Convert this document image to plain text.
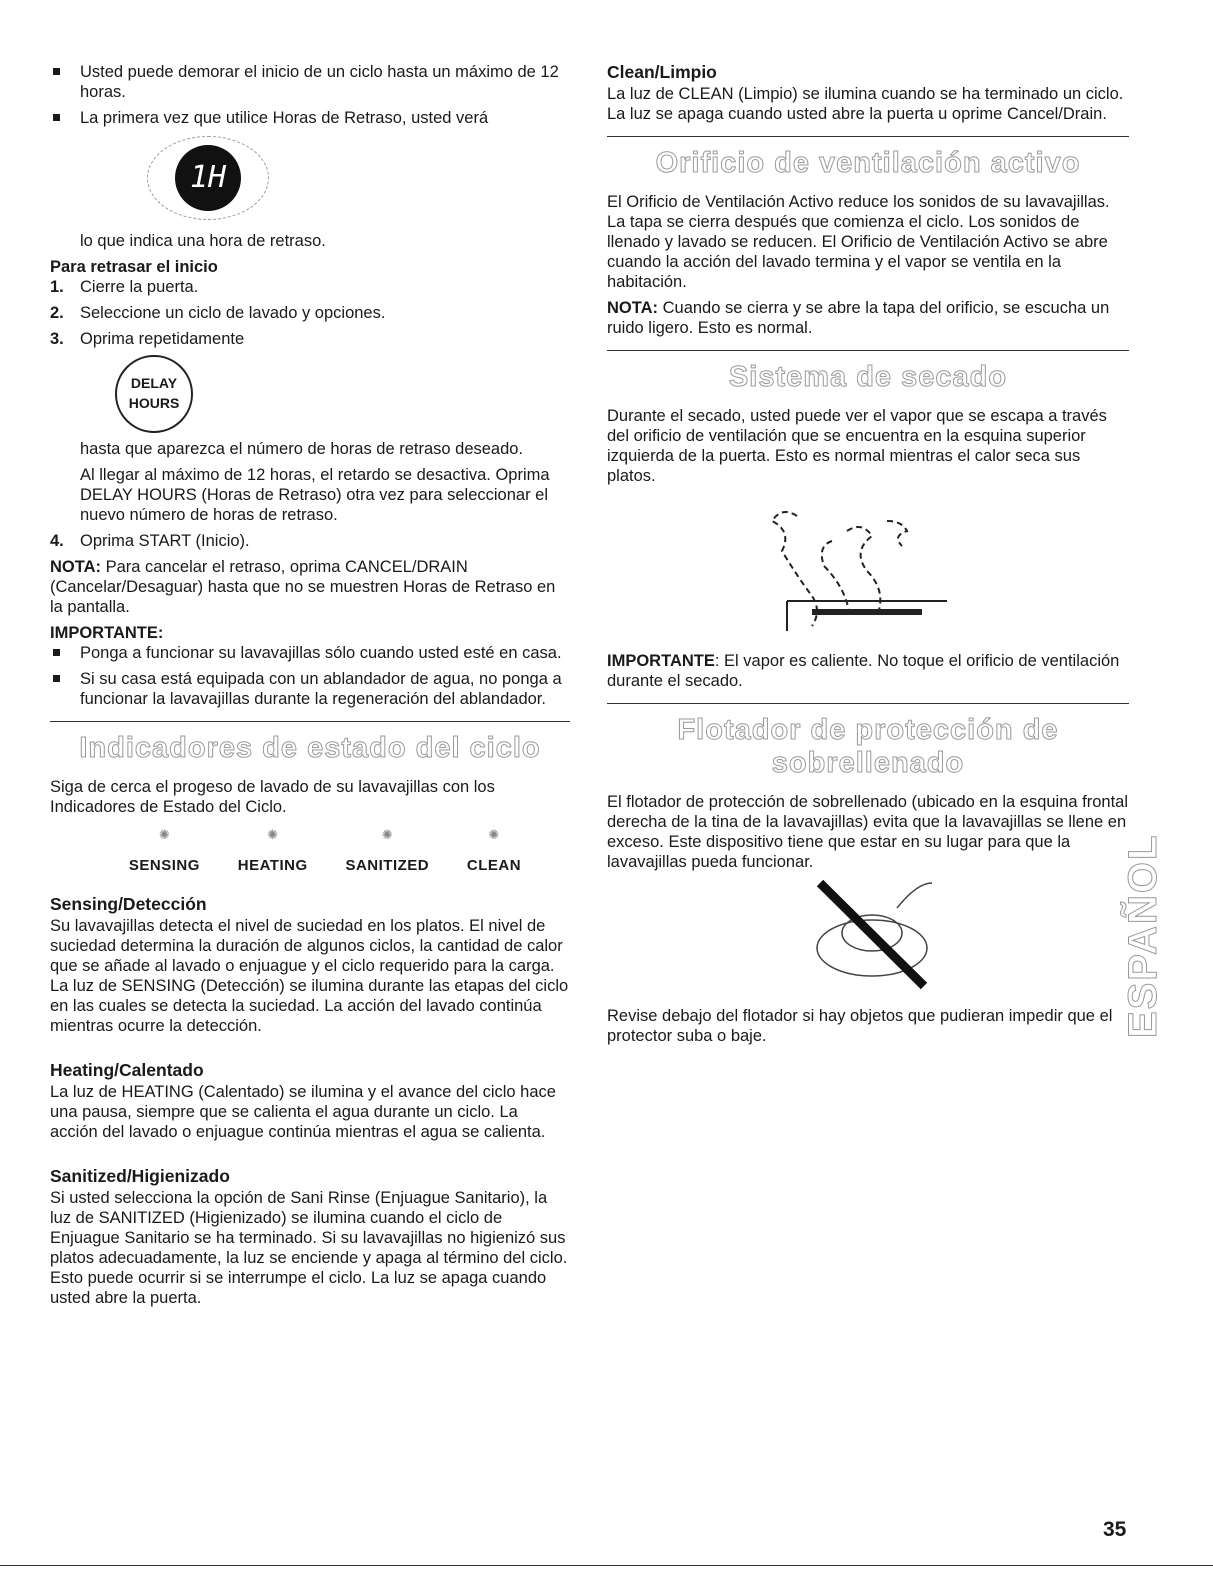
Usted puede demorar el inicio de un ciclo hasta un máximo de 12 horas.
La primera vez que utilice Horas de Retraso, usted verá
1H

lo que indica una hora de retraso.

Para retrasar el inicio
1. Cierre la puerta.
2. Seleccione un ciclo de lavado y opciones.
3. Oprima repetidamente
DELAY
HOURS

hasta que aparezca el número de horas de retraso deseado.

Al llegar al máximo de 12 horas, el retardo se desactiva. Oprima DELAY HOURS (Horas de Retraso) otra vez para seleccionar el nuevo número de horas de retraso.

4. Oprima START (Inicio).

NOTA: Para cancelar el retraso, oprima CANCEL/DRAIN (Cancelar/Desaguar) hasta que no se muestren Horas de Retraso en la pantalla.

IMPORTANTE:
Ponga a funcionar su lavavajillas sólo cuando usted esté en casa.
Si su casa está equipada con un ablandador de agua, no ponga a funcionar la lavavajillas durante la regeneración del ablandador.
Indicadores de estado del ciclo

Siga de cerca el progeso de lavado de su lavavajillas con los Indicadores de Estado del Ciclo.

✺
SENSING
✺
HEATING
✺
SANITIZED
✺
CLEAN
Sensing/Detección

Su lavavajillas detecta el nivel de suciedad en los platos. El nivel de suciedad determina la duración de algunos ciclos, la cantidad de calor que se añade al lavado o enjuague y el ciclo requerido para la carga. La luz de SENSING (Detección) se ilumina durante las etapas del ciclo en las cuales se detecta la suciedad. La acción del lavado continúa mientras ocurre la detección.

Heating/Calentado

La luz de HEATING (Calentado) se ilumina y el avance del ciclo hace una pausa, siempre que se calienta el agua durante un ciclo. La acción del lavado o enjuague continúa mientras el agua se calienta.

Sanitized/Higienizado

Si usted selecciona la opción de Sani Rinse (Enjuague Sanitario), la luz de SANITIZED (Higienizado) se ilumina cuando el ciclo de Enjuague Sanitario se ha terminado. Si su lavavajillas no higienizó sus platos adecuadamente, la luz se enciende y apaga al término del ciclo. Esto puede ocurrir si se interrumpe el ciclo. La luz se apaga cuando usted abre la puerta.

Clean/Limpio

La luz de CLEAN (Limpio) se ilumina cuando se ha terminado un ciclo. La luz se apaga cuando usted abre la puerta u oprime Cancel/Drain.

Orificio de ventilación activo

El Orificio de Ventilación Activo reduce los sonidos de su lavavajillas. La tapa se cierra después que comienza el ciclo. Los sonidos de llenado y lavado se reducen. El Orificio de Ventilación Activo se abre cuando la acción del lavado termina y el vapor se ventila en la habitación.

NOTA: Cuando se cierra y se abre la tapa del orificio, se escucha un ruido ligero. Esto es normal.

Sistema de secado

Durante el secado, usted puede ver el vapor que se escapa a través del orificio de ventilación que se encuentra en la esquina superior izquierda de la puerta. Esto es normal mientras el calor seca sus platos.

IMPORTANTE: El vapor es caliente. No toque el orificio de ventilación durante el secado.

Flotador de protección de
sobrellenado

El flotador de protección de sobrellenado (ubicado en la esquina frontal derecha de la tina de la lavavajillas) evita que la lavavajillas se llene en exceso. Este dispositivo tiene que estar en su lugar para que la lavavajillas pueda funcionar.

Revise debajo del flotador si hay objetos que pudieran impedir que el protector suba o baje.	ESPAÑOL
35
